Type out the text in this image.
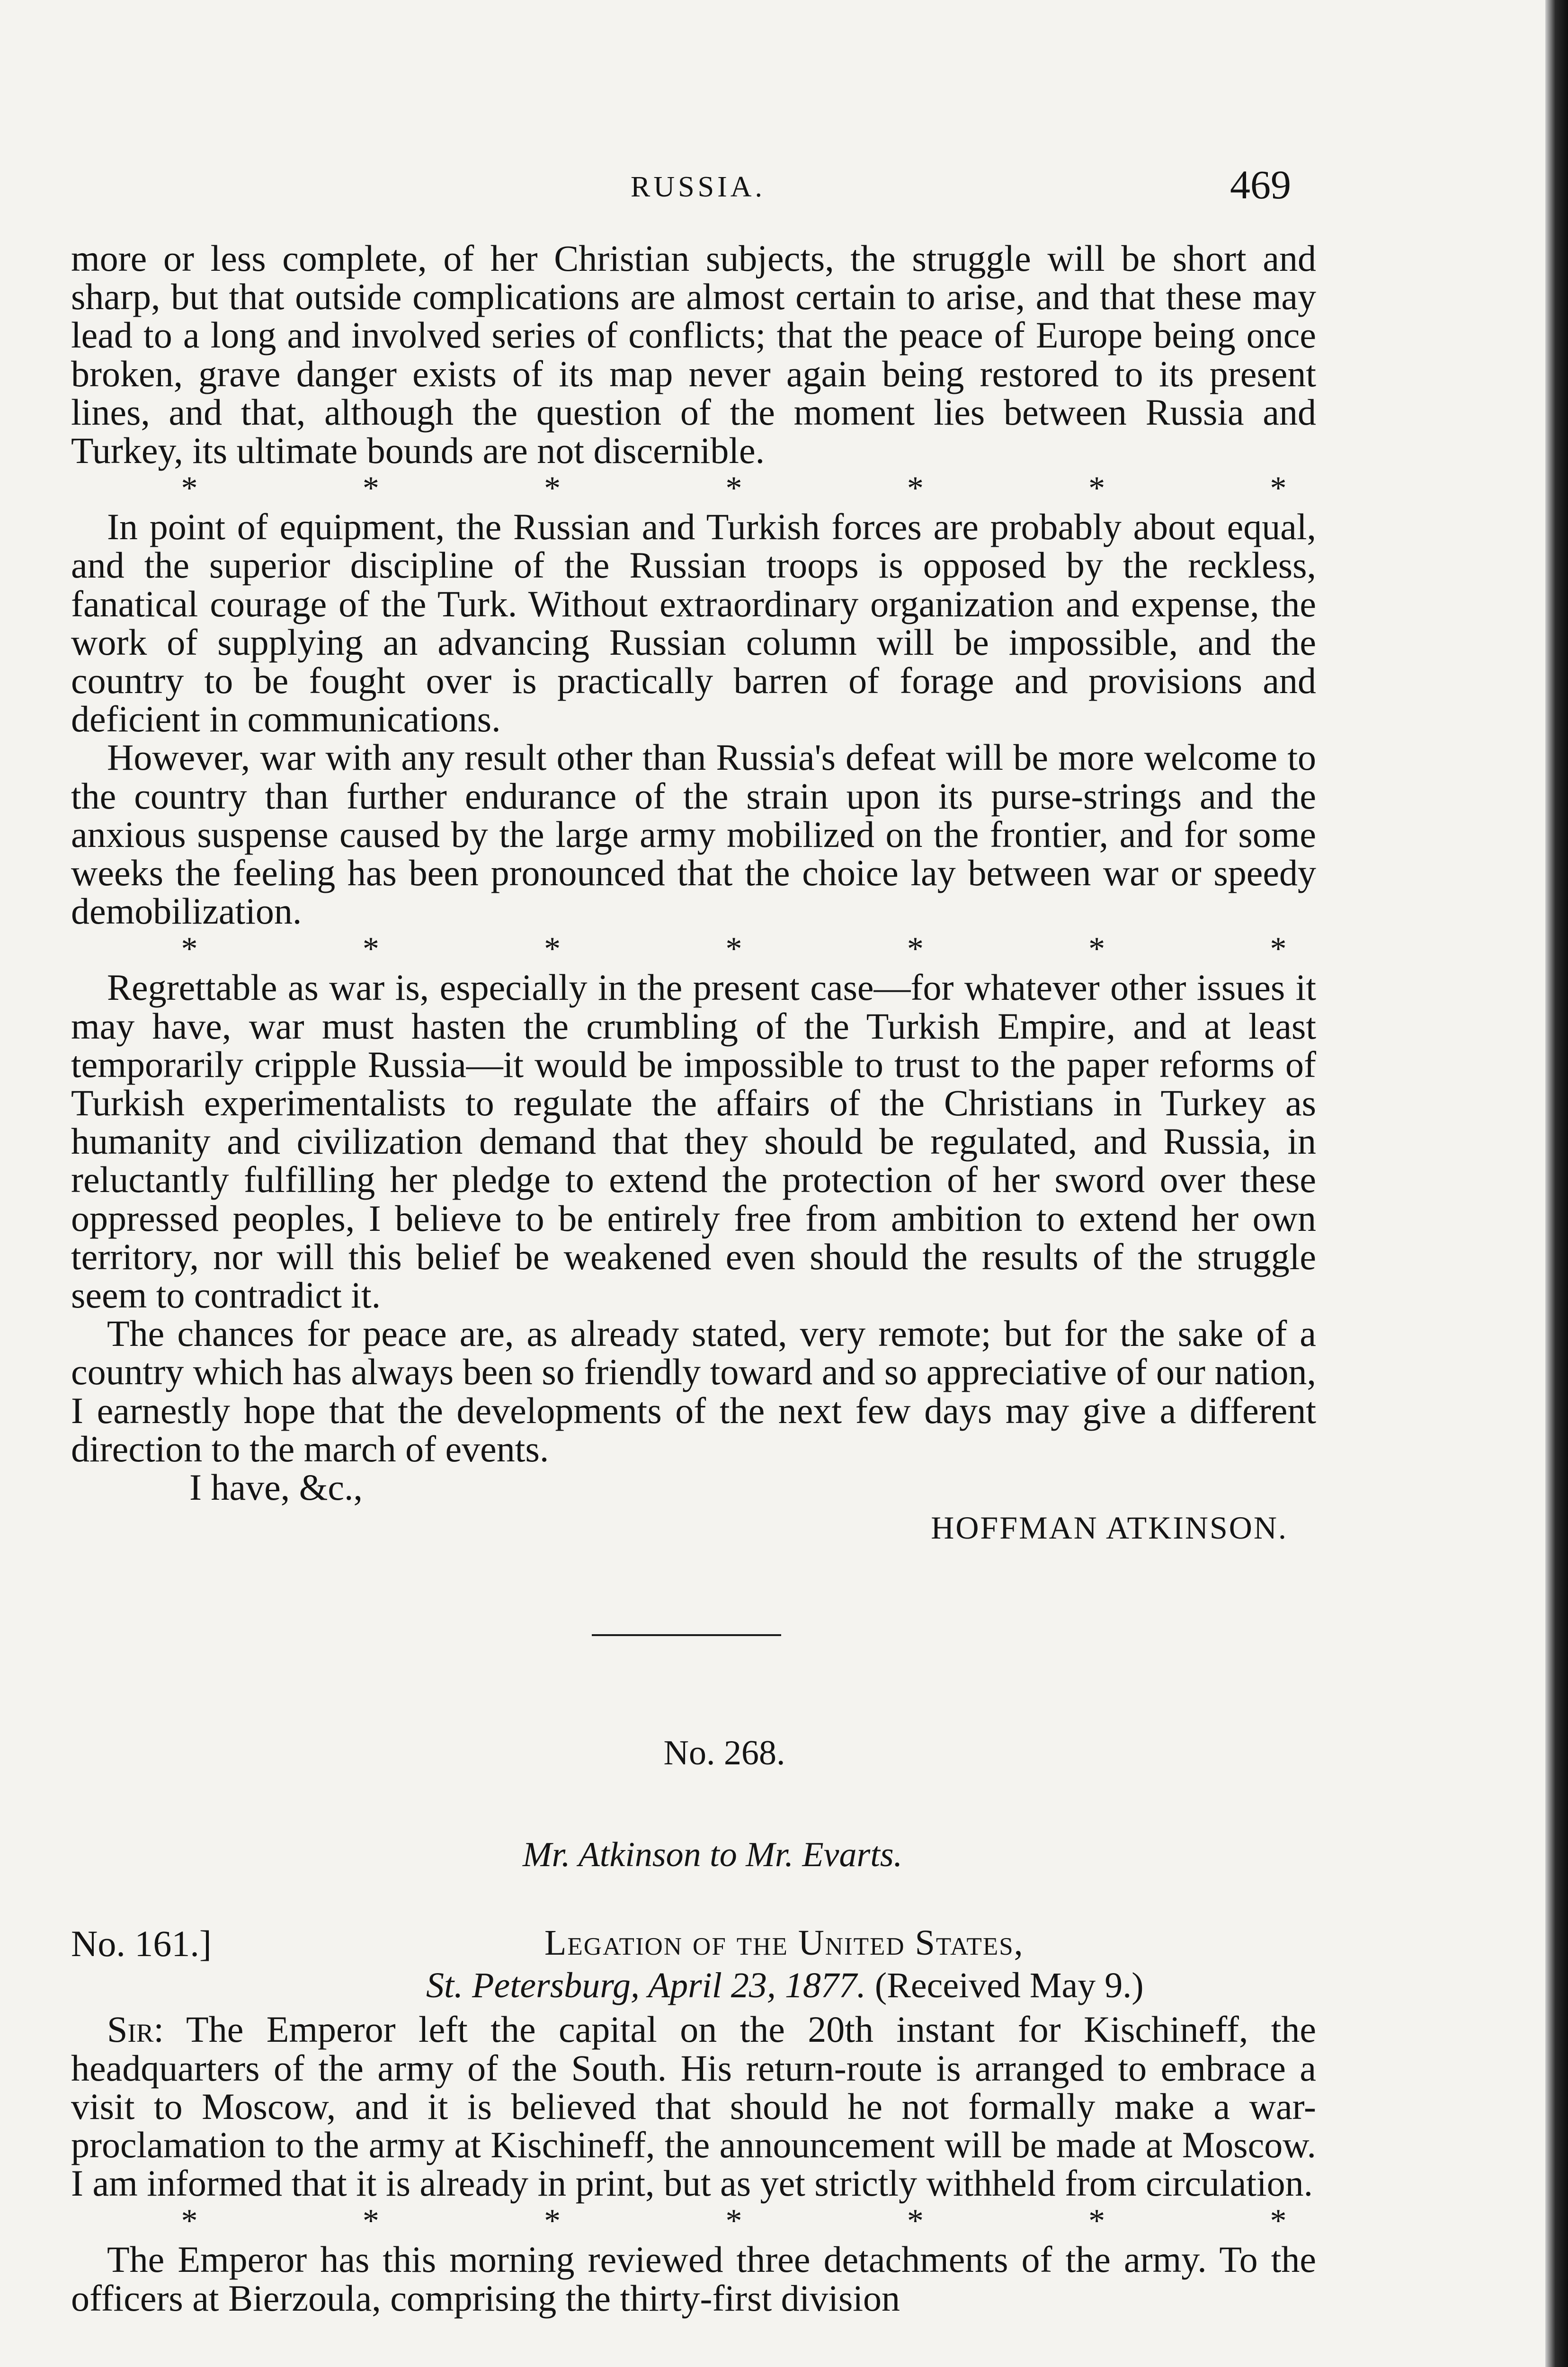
RUSSIA.	469

more or less complete, of her Christian subjects, the struggle will be short and sharp, but that outside complications are almost certain to arise, and that these may lead to a long and involved series of conflicts; that the peace of Europe being once broken, grave danger exists of its map never again being restored to its present lines, and that, although the question of the moment lies between Russia and Turkey, its ultimate bounds are not discernible.

*	*	*	*	*	*	*

In point of equipment, the Russian and Turkish forces are probably about equal, and the superior discipline of the Russian troops is opposed by the reckless, fanatical courage of the Turk. Without extraordinary organization and expense, the work of supplying an advancing Russian column will be impossible, and the country to be fought over is practically barren of forage and provisions and deficient in communications.

However, war with any result other than Russia's defeat will be more welcome to the country than further endurance of the strain upon its purse-strings and the anxious suspense caused by the large army mobilized on the frontier, and for some weeks the feeling has been pronounced that the choice lay between war or speedy demobilization.

*	*	*	*	*	*	*

Regrettable as war is, especially in the present case—for whatever other issues it may have, war must hasten the crumbling of the Turkish Empire, and at least temporarily cripple Russia—it would be impossible to trust to the paper reforms of Turkish experimentalists to regulate the affairs of the Christians in Turkey as humanity and civilization demand that they should be regulated, and Russia, in reluctantly fulfilling her pledge to extend the protection of her sword over these oppressed peoples, I believe to be entirely free from ambition to extend her own territory, nor will this belief be weakened even should the results of the struggle seem to contradict it.

The chances for peace are, as already stated, very remote; but for the sake of a country which has always been so friendly toward and so appreciative of our nation, I earnestly hope that the developments of the next few days may give a different direction to the march of events.

I have, &c.,
HOFFMAN ATKINSON.
No. 268.
Mr. Atkinson to Mr. Evarts.
No. 161.]	Legation of the United States,
St. Petersburg, April 23, 1877. (Received May 9.)

Sir: The Emperor left the capital on the 20th instant for Kischineff, the headquarters of the army of the South. His return-route is arranged to embrace a visit to Moscow, and it is believed that should he not formally make a war-proclamation to the army at Kischineff, the announcement will be made at Moscow. I am informed that it is already in print, but as yet strictly withheld from circulation.

*	*	*	*	*	*	*

The Emperor has this morning reviewed three detachments of the army. To the officers at Bierzoula, comprising the thirty-first division
